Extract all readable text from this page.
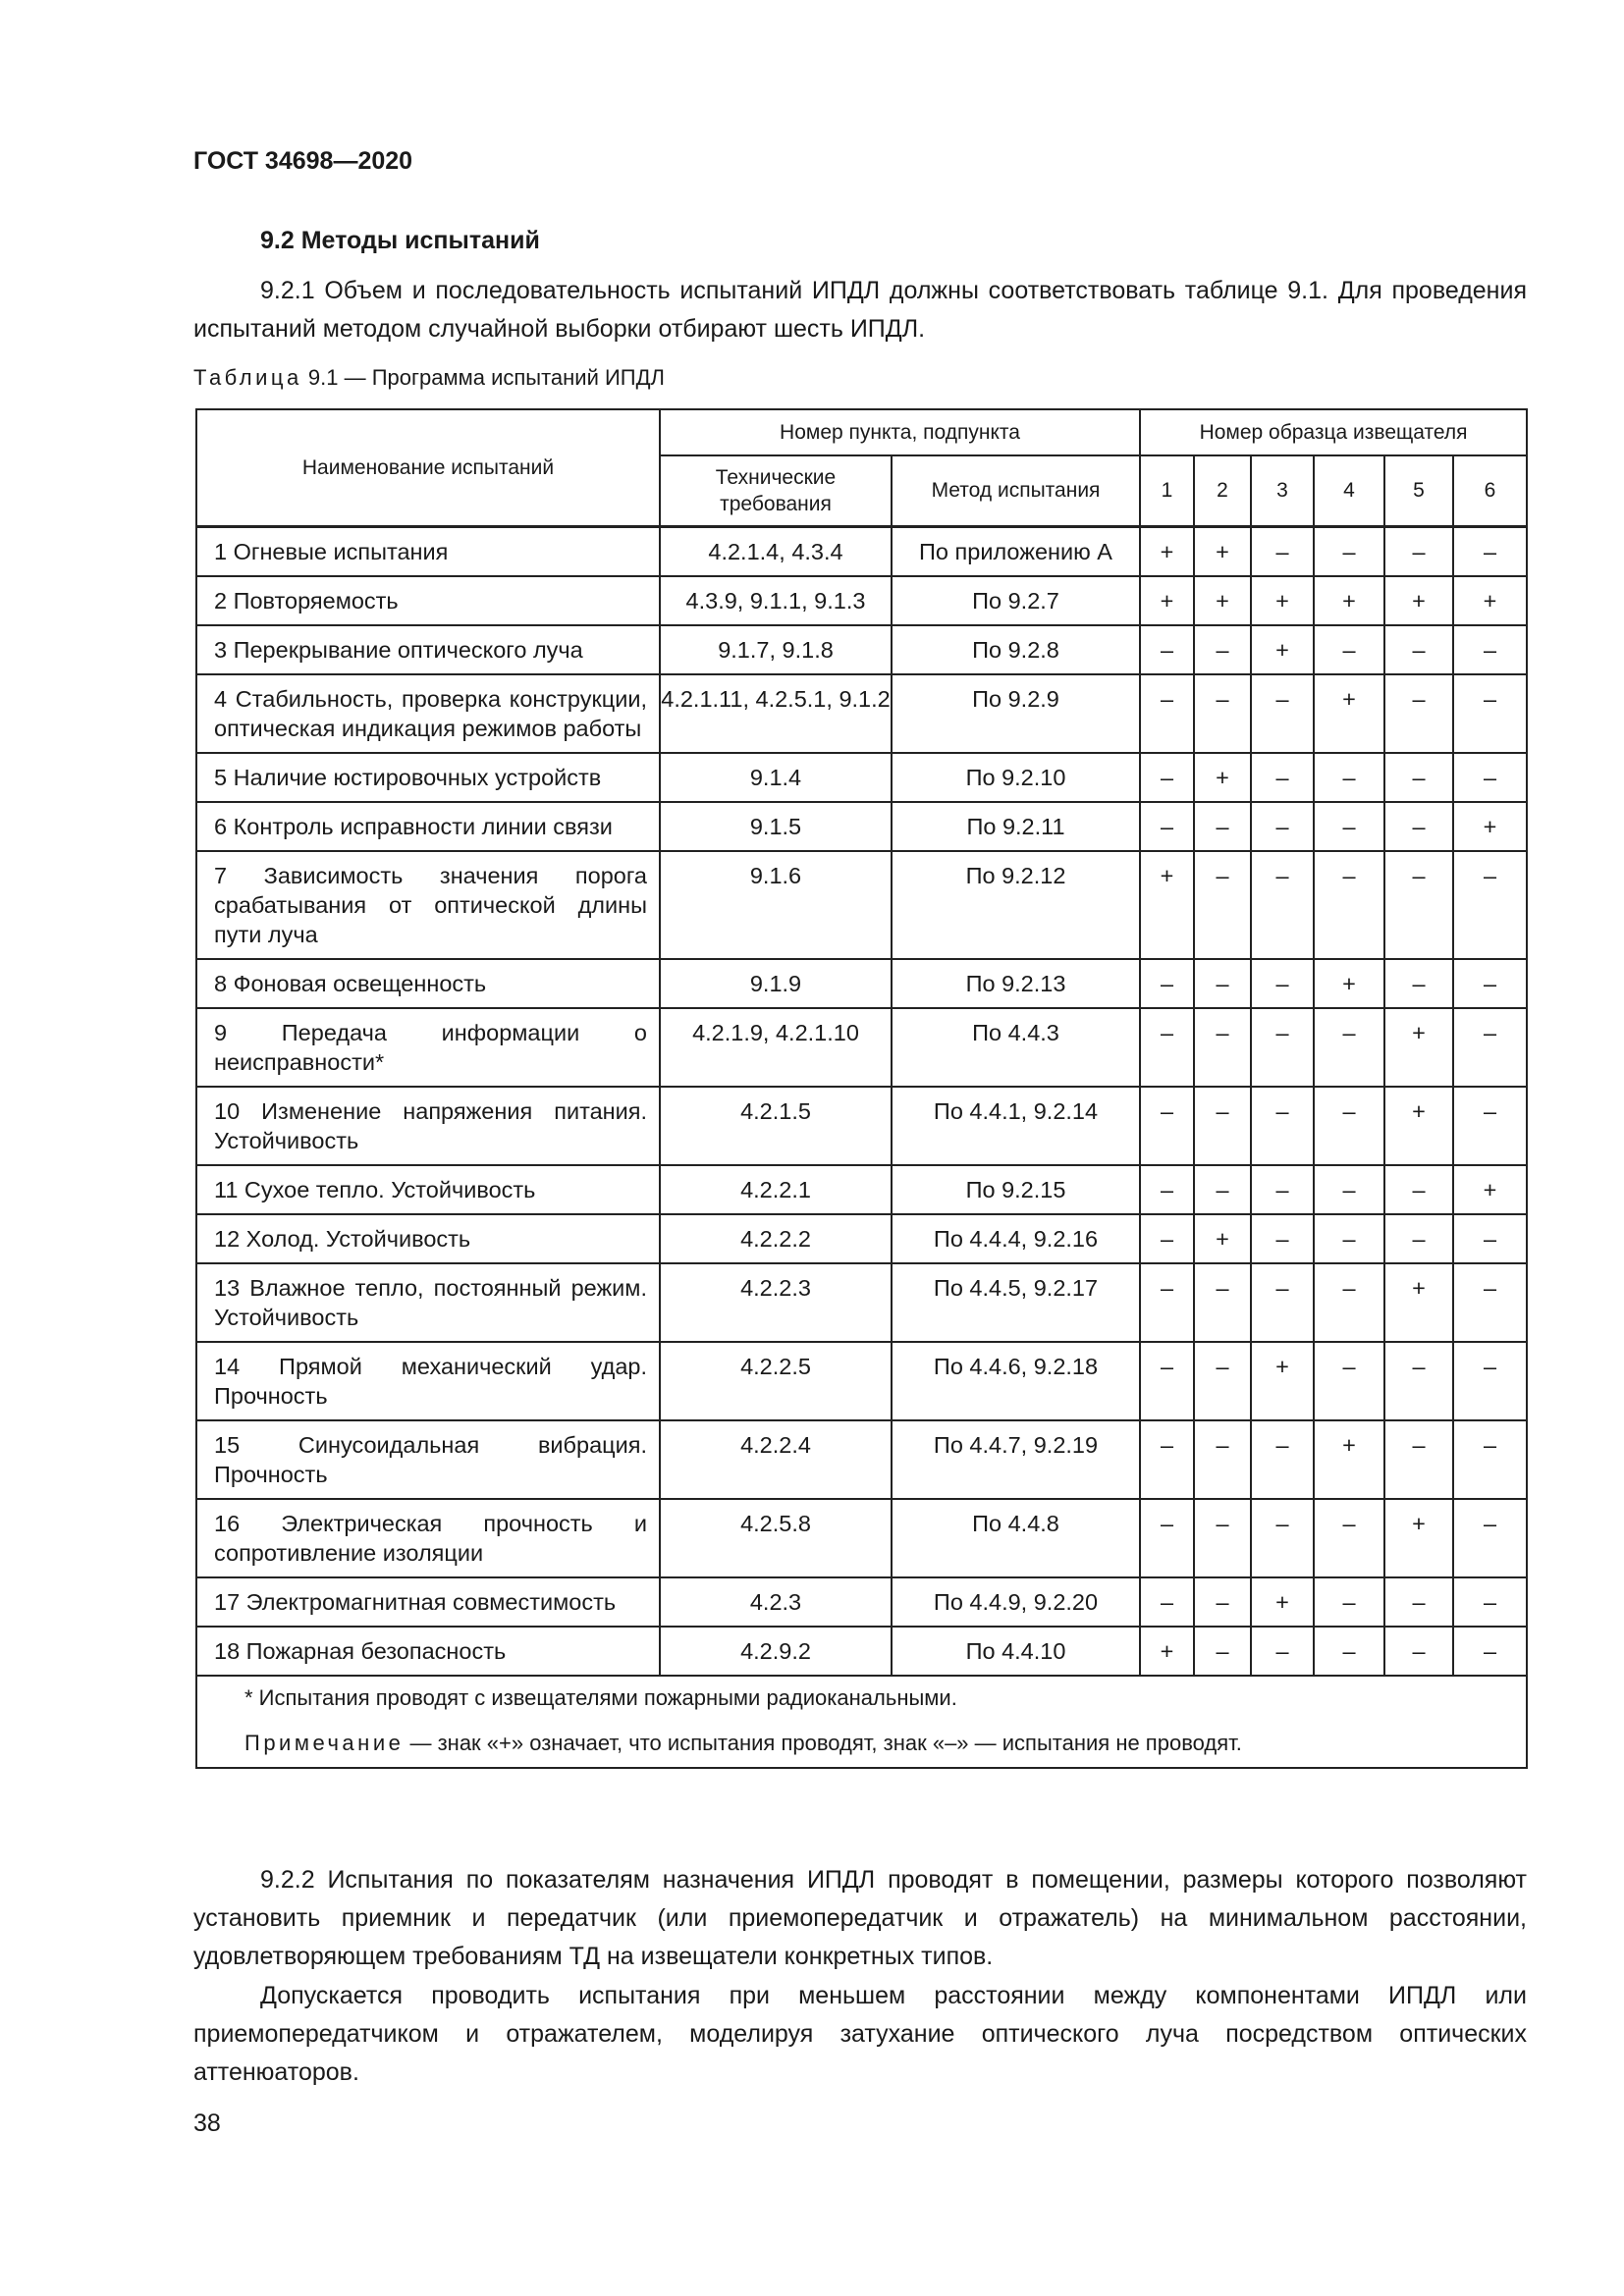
ГОСТ 34698—2020
9.2 Методы испытаний
9.2.1 Объем и последовательность испытаний ИПДЛ должны соответствовать таблице 9.1. Для проведения испытаний методом случайной выборки отбирают шесть ИПДЛ.
Таблица 9.1 — Программа испытаний ИПДЛ
Наименование испытаний	Номер пункта, подпункта		Номер образца извещателя					
	Технические требования	Метод испытания	1	2	3	4	5	6
1 Огневые испытания	4.2.1.4, 4.3.4	По приложению А	+	+	–	–	–	–
2 Повторяемость	4.3.9, 9.1.1, 9.1.3	По 9.2.7	+	+	+	+	+	+
3 Перекрывание оптического луча	9.1.7, 9.1.8	По 9.2.8	–	–	+	–	–	–
4 Стабильность, проверка конструкции, оптическая индикация режимов работы	4.2.1.11, 4.2.5.1, 9.1.2	По 9.2.9	–	–	–	+	–	–
5 Наличие юстировочных устройств	9.1.4	По 9.2.10	–	+	–	–	–	–
6 Контроль исправности линии связи	9.1.5	По 9.2.11	–	–	–	–	–	+
7 Зависимость значения порога срабатывания от оптической длины пути луча	9.1.6	По 9.2.12	+	–	–	–	–	–
8 Фоновая освещенность	9.1.9	По 9.2.13	–	–	–	+	–	–
9 Передача информации о неисправности*	4.2.1.9, 4.2.1.10	По 4.4.3	–	–	–	–	+	–
10 Изменение напряжения питания. Устойчивость	4.2.1.5	По 4.4.1, 9.2.14	–	–	–	–	+	–
11 Сухое тепло. Устойчивость	4.2.2.1	По 9.2.15	–	–	–	–	–	+
12 Холод. Устойчивость	4.2.2.2	По 4.4.4, 9.2.16	–	+	–	–	–	–
13 Влажное тепло, постоянный режим. Устойчивость	4.2.2.3	По 4.4.5, 9.2.17	–	–	–	–	+	–
14 Прямой механический удар. Прочность	4.2.2.5	По 4.4.6, 9.2.18	–	–	+	–	–	–
15 Синусоидальная вибрация. Прочность	4.2.2.4	По 4.4.7, 9.2.19	–	–	–	+	–	–
16 Электрическая прочность и сопротивление изоляции	4.2.5.8	По 4.4.8	–	–	–	–	+	–
17 Электромагнитная совместимость	4.2.3	По 4.4.9, 9.2.20	–	–	+	–	–	–
18 Пожарная безопасность	4.2.9.2	По 4.4.10	+	–	–	–	–	–

* Испытания проводят с извещателями пожарными радиоканальными.
Примечание — знак «+» означает, что испытания проводят, знак «–» — испытания не проводят.								
9.2.2 Испытания по показателям назначения ИПДЛ проводят в помещении, размеры которого позволяют установить приемник и передатчик (или приемопередатчик и отражатель) на минимальном расстоянии, удовлетворяющем требованиям ТД на извещатели конкретных типов.
Допускается проводить испытания при меньшем расстоянии между компонентами ИПДЛ или приемопередатчиком и отражателем, моделируя затухание оптического луча посредством оптических аттенюаторов.
38
